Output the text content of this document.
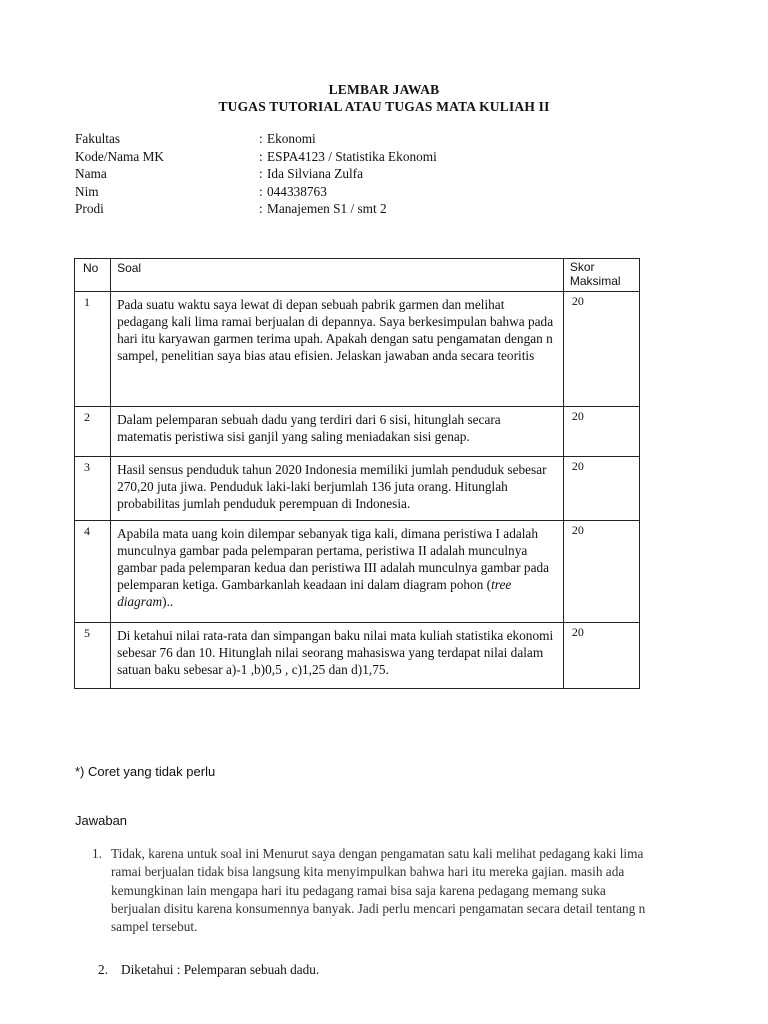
LEMBAR JAWAB
TUGAS TUTORIAL ATAU TUGAS MATA KULIAH II
Fakultas	: Ekonomi
Kode/Nama MK	: ESPA4123 / Statistika Ekonomi
Nama	: Ida Silviana Zulfa
Nim	: 044338763
Prodi	: Manajemen S1 / smt 2
No	Soal	Skor
Maksimal

1	Pada suatu waktu saya lewat di depan sebuah pabrik garmen dan melihat pedagang kali lima ramai berjualan di depannya. Saya berkesimpulan bahwa pada hari itu karyawan garmen terima upah. Apakah dengan satu pengamatan dengan n sampel, penelitian saya bias atau efisien. Jelaskan jawaban anda secara teoritis	20
2	Dalam pelemparan sebuah dadu yang terdiri dari 6 sisi, hitunglah secara matematis peristiwa sisi ganjil yang saling meniadakan sisi genap.	20
3	Hasil sensus penduduk tahun 2020 Indonesia memiliki jumlah penduduk sebesar 270,20 juta jiwa. Penduduk laki-laki berjumlah 136 juta orang. Hitunglah probabilitas jumlah penduduk perempuan di Indonesia.	20
4	Apabila mata uang koin dilempar sebanyak tiga kali, dimana peristiwa I adalah munculnya gambar pada pelemparan pertama, peristiwa II adalah munculnya gambar pada pelemparan kedua dan peristiwa III adalah munculnya gambar pada pelemparan ketiga. Gambarkanlah keadaan ini dalam diagram pohon (tree diagram)..	20
5	Di ketahui nilai rata-rata dan simpangan baku nilai mata kuliah statistika ekonomi sebesar 76 dan 10. Hitunglah nilai seorang mahasiswa yang terdapat nilai dalam satuan baku sebesar a)-1 ,b)0,5 , c)1,25 dan d)1,75.	20
*) Coret yang tidak perlu
Jawaban
1. Tidak, karena untuk soal ini Menurut saya dengan pengamatan satu kali melihat pedagang kaki lima ramai berjualan tidak bisa langsung kita menyimpulkan bahwa hari itu mereka gajian. masih ada kemungkinan lain mengapa hari itu pedagang ramai bisa saja karena pedagang memang suka berjualan disitu karena konsumennya banyak. Jadi perlu mencari pengamatan secara detail tentang n sampel tersebut.
2. Diketahui : Pelemparan sebuah dadu.
